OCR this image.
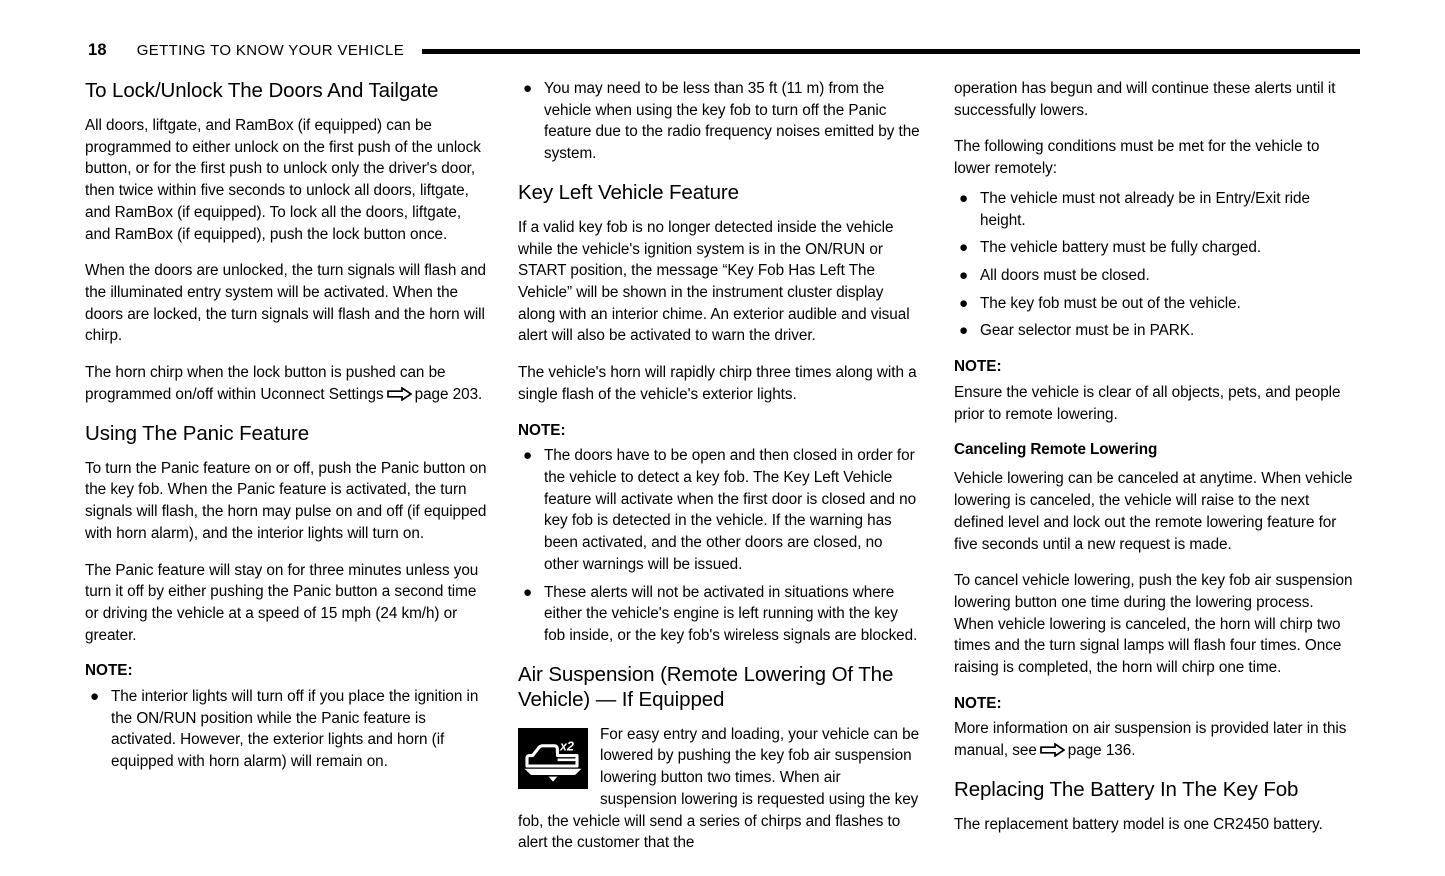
18 GETTING TO KNOW YOUR VEHICLE
To Lock/Unlock The Doors And Tailgate

All doors, liftgate, and RamBox (if equipped) can be programmed to either unlock on the first push of the unlock button, or for the first push to unlock only the driver's door, then twice within five seconds to unlock all doors, liftgate, and RamBox (if equipped). To lock all the doors, liftgate, and RamBox (if equipped), push the lock button once.

When the doors are unlocked, the turn signals will flash and the illuminated entry system will be activated. When the doors are locked, the turn signals will flash and the horn will chirp.

The horn chirp when the lock button is pushed can be programmed on/off within Uconnect Settings page 203.

Using The Panic Feature

To turn the Panic feature on or off, push the Panic button on the key fob. When the Panic feature is activated, the turn signals will flash, the horn may pulse on and off (if equipped with horn alarm), and the interior lights will turn on.

The Panic feature will stay on for three minutes unless you turn it off by either pushing the Panic button a second time or driving the vehicle at a speed of 15 mph (24 km/h) or greater.

NOTE:

● The interior lights will turn off if you place the ignition in the ON/RUN position while the Panic feature is activated. However, the exterior lights and horn (if equipped with horn alarm) will remain on.
● You may need to be less than 35 ft (11 m) from the vehicle when using the key fob to turn off the Panic feature due to the radio frequency noises emitted by the system.
Key Left Vehicle Feature

If a valid key fob is no longer detected inside the vehicle while the vehicle's ignition system is in the ON/RUN or START position, the message “Key Fob Has Left The Vehicle” will be shown in the instrument cluster display along with an interior chime. An exterior audible and visual alert will also be activated to warn the driver.

The vehicle's horn will rapidly chirp three times along with a single flash of the vehicle's exterior lights.

NOTE:

● The doors have to be open and then closed in order for the vehicle to detect a key fob. The Key Left Vehicle feature will activate when the first door is closed and no key fob is detected in the vehicle. If the warning has been activated, and the other doors are closed, no other warnings will be issued.
● These alerts will not be activated in situations where either the vehicle's engine is left running with the key fob inside, or the key fob's wireless signals are blocked.
Air Suspension (Remote Lowering Of The Vehicle) — If Equipped
x2

For easy entry and loading, your vehicle can be lowered by pushing the key fob air suspension lowering button two times. When air suspension lowering is requested using the key fob, the vehicle will send a series of chirps and flashes to alert the customer that the

operation has begun and will continue these alerts until it successfully lowers.

The following conditions must be met for the vehicle to lower remotely:

● The vehicle must not already be in Entry/Exit ride height.
● The vehicle battery must be fully charged.
● All doors must be closed.
● The key fob must be out of the vehicle.
● Gear selector must be in PARK.

NOTE:

Ensure the vehicle is clear of all objects, pets, and people prior to remote lowering.

Canceling Remote Lowering

Vehicle lowering can be canceled at anytime. When vehicle lowering is canceled, the vehicle will raise to the next defined level and lock out the remote lowering feature for five seconds until a new request is made.

To cancel vehicle lowering, push the key fob air suspension lowering button one time during the lowering process. When vehicle lowering is canceled, the horn will chirp two times and the turn signal lamps will flash four times. Once raising is completed, the horn will chirp one time.

NOTE:

More information on air suspension is provided later in this manual, see page 136.

Replacing The Battery In The Key Fob

The replacement battery model is one CR2450 battery.
